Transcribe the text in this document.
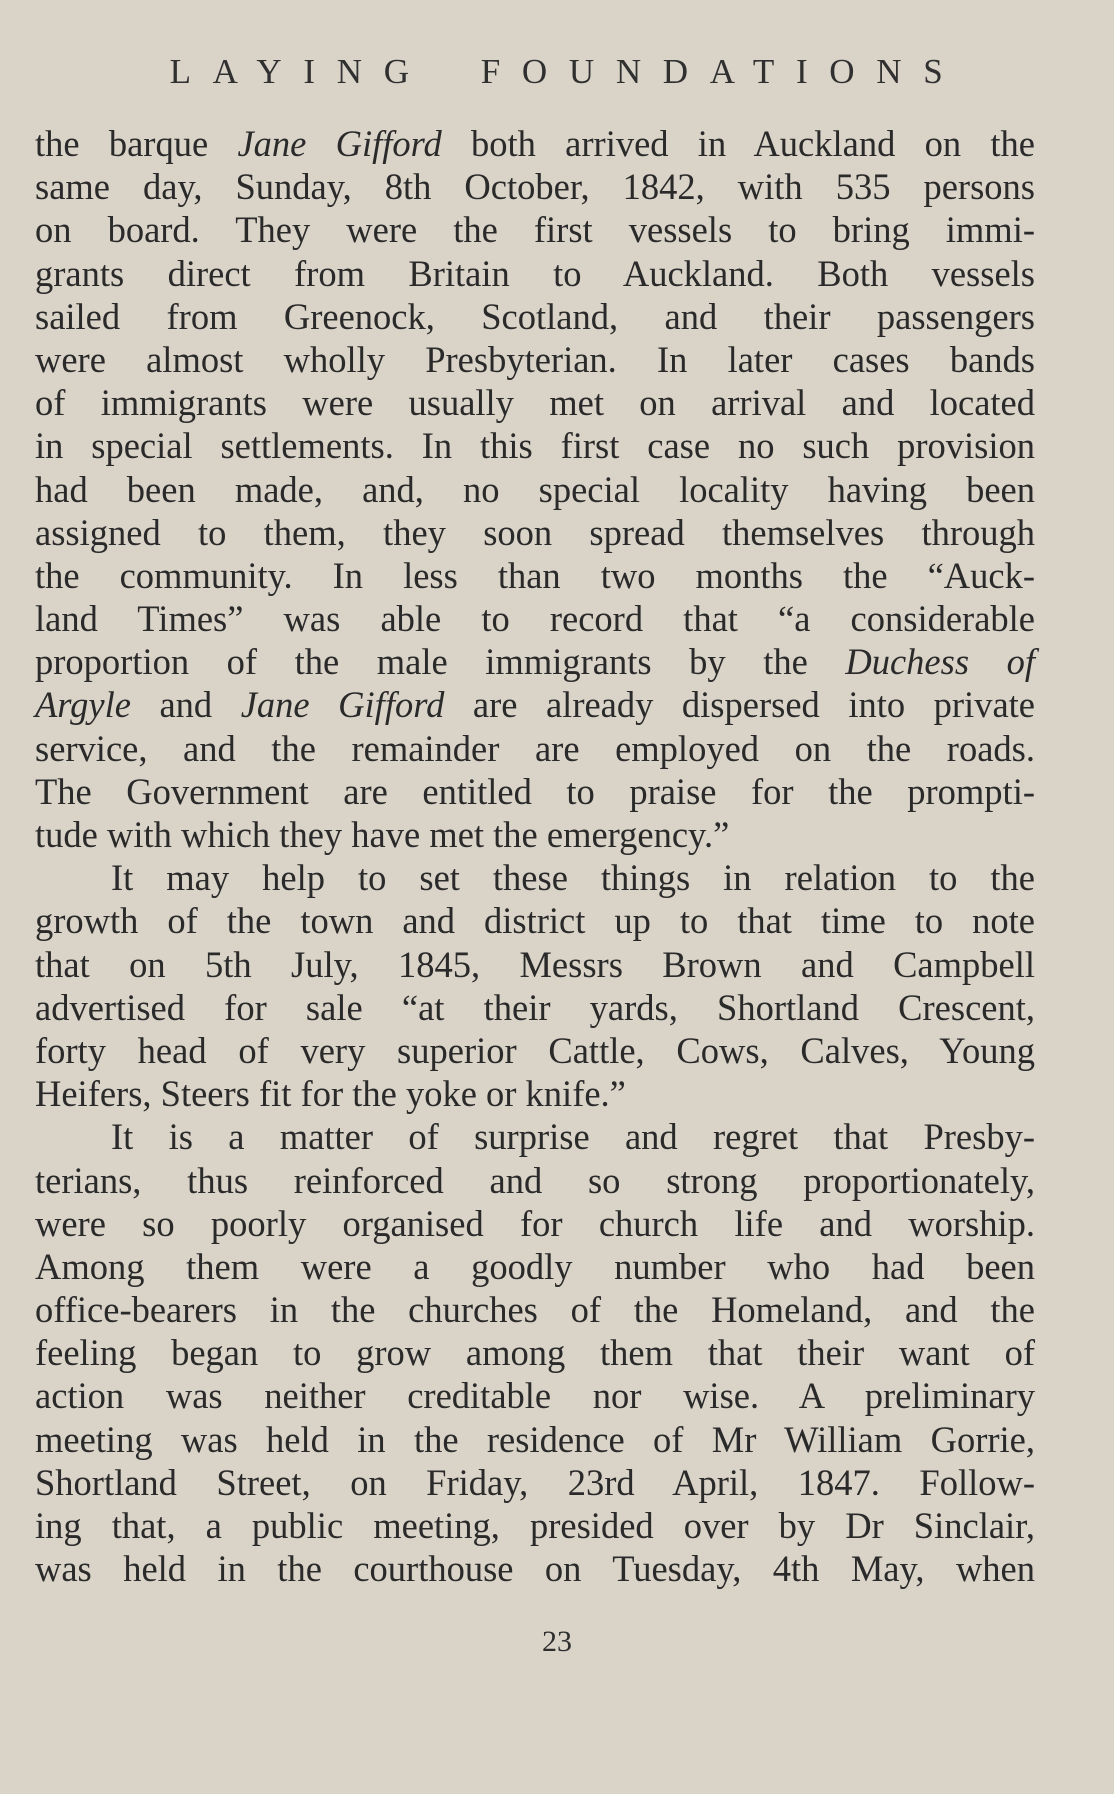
LAYING FOUNDATIONS
the barque Jane Gifford both arrived in Auckland on the
same day, Sunday, 8th October, 1842, with 535 persons
on board. They were the first vessels to bring immi-
grants direct from Britain to Auckland. Both vessels
sailed from Greenock, Scotland, and their passengers
were almost wholly Presbyterian. In later cases bands
of immigrants were usually met on arrival and located
in special settlements. In this first case no such provision
had been made, and, no special locality having been
assigned to them, they soon spread themselves through
the community. In less than two months the “Auck-
land Times” was able to record that “a considerable
proportion of the male immigrants by the Duchess of
Argyle and Jane Gifford are already dispersed into private
service, and the remainder are employed on the roads.
The Government are entitled to praise for the prompti-
tude with which they have met the emergency.”
It may help to set these things in relation to the
growth of the town and district up to that time to note
that on 5th July, 1845, Messrs Brown and Campbell
advertised for sale “at their yards, Shortland Crescent,
forty head of very superior Cattle, Cows, Calves, Young
Heifers, Steers fit for the yoke or knife.”
It is a matter of surprise and regret that Presby-
terians, thus reinforced and so strong proportionately,
were so poorly organised for church life and worship.
Among them were a goodly number who had been
office-bearers in the churches of the Homeland, and the
feeling began to grow among them that their want of
action was neither creditable nor wise. A preliminary
meeting was held in the residence of Mr William Gorrie,
Shortland Street, on Friday, 23rd April, 1847. Follow-
ing that, a public meeting, presided over by Dr Sinclair,
was held in the courthouse on Tuesday, 4th May, when
23
